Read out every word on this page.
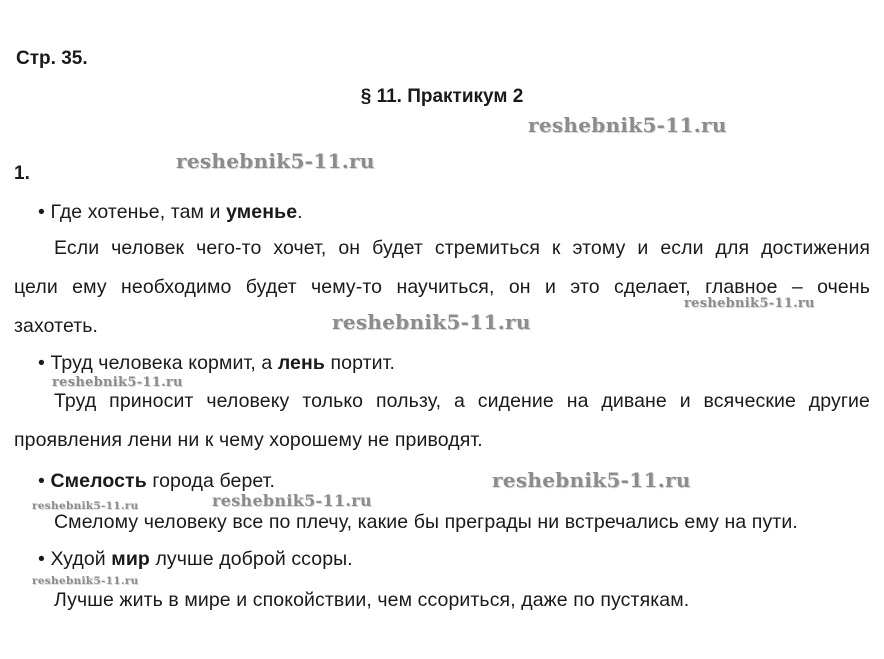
Стр. 35.
§ 11. Практикум 2
1.
• Где хотенье, там и уменье.
Если человек чего-то хочет, он будет стремиться к этому и если для достижения
цели ему необходимо будет чему-то научиться, он и это сделает, главное – очень
захотеть.
• Труд человека кормит, а лень портит.
Труд приносит человеку только пользу, а сидение на диване и всяческие другие
проявления лени ни к чему хорошему не приводят.
• Смелость города берет.
Смелому человеку все по плечу, какие бы преграды ни встречались ему на пути.
• Худой мир лучше доброй ссоры.
Лучше жить в мире и спокойствии, чем ссориться, даже по пустякам.
reshebnik5-11.ru
reshebnik5-11.ru
reshebnik5-11.ru
reshebnik5-11.ru
reshebnik5-11.ru
reshebnik5-11.ru
reshebnik5-11.ru
reshebnik5-11.ru
reshebnik5-11.ru
